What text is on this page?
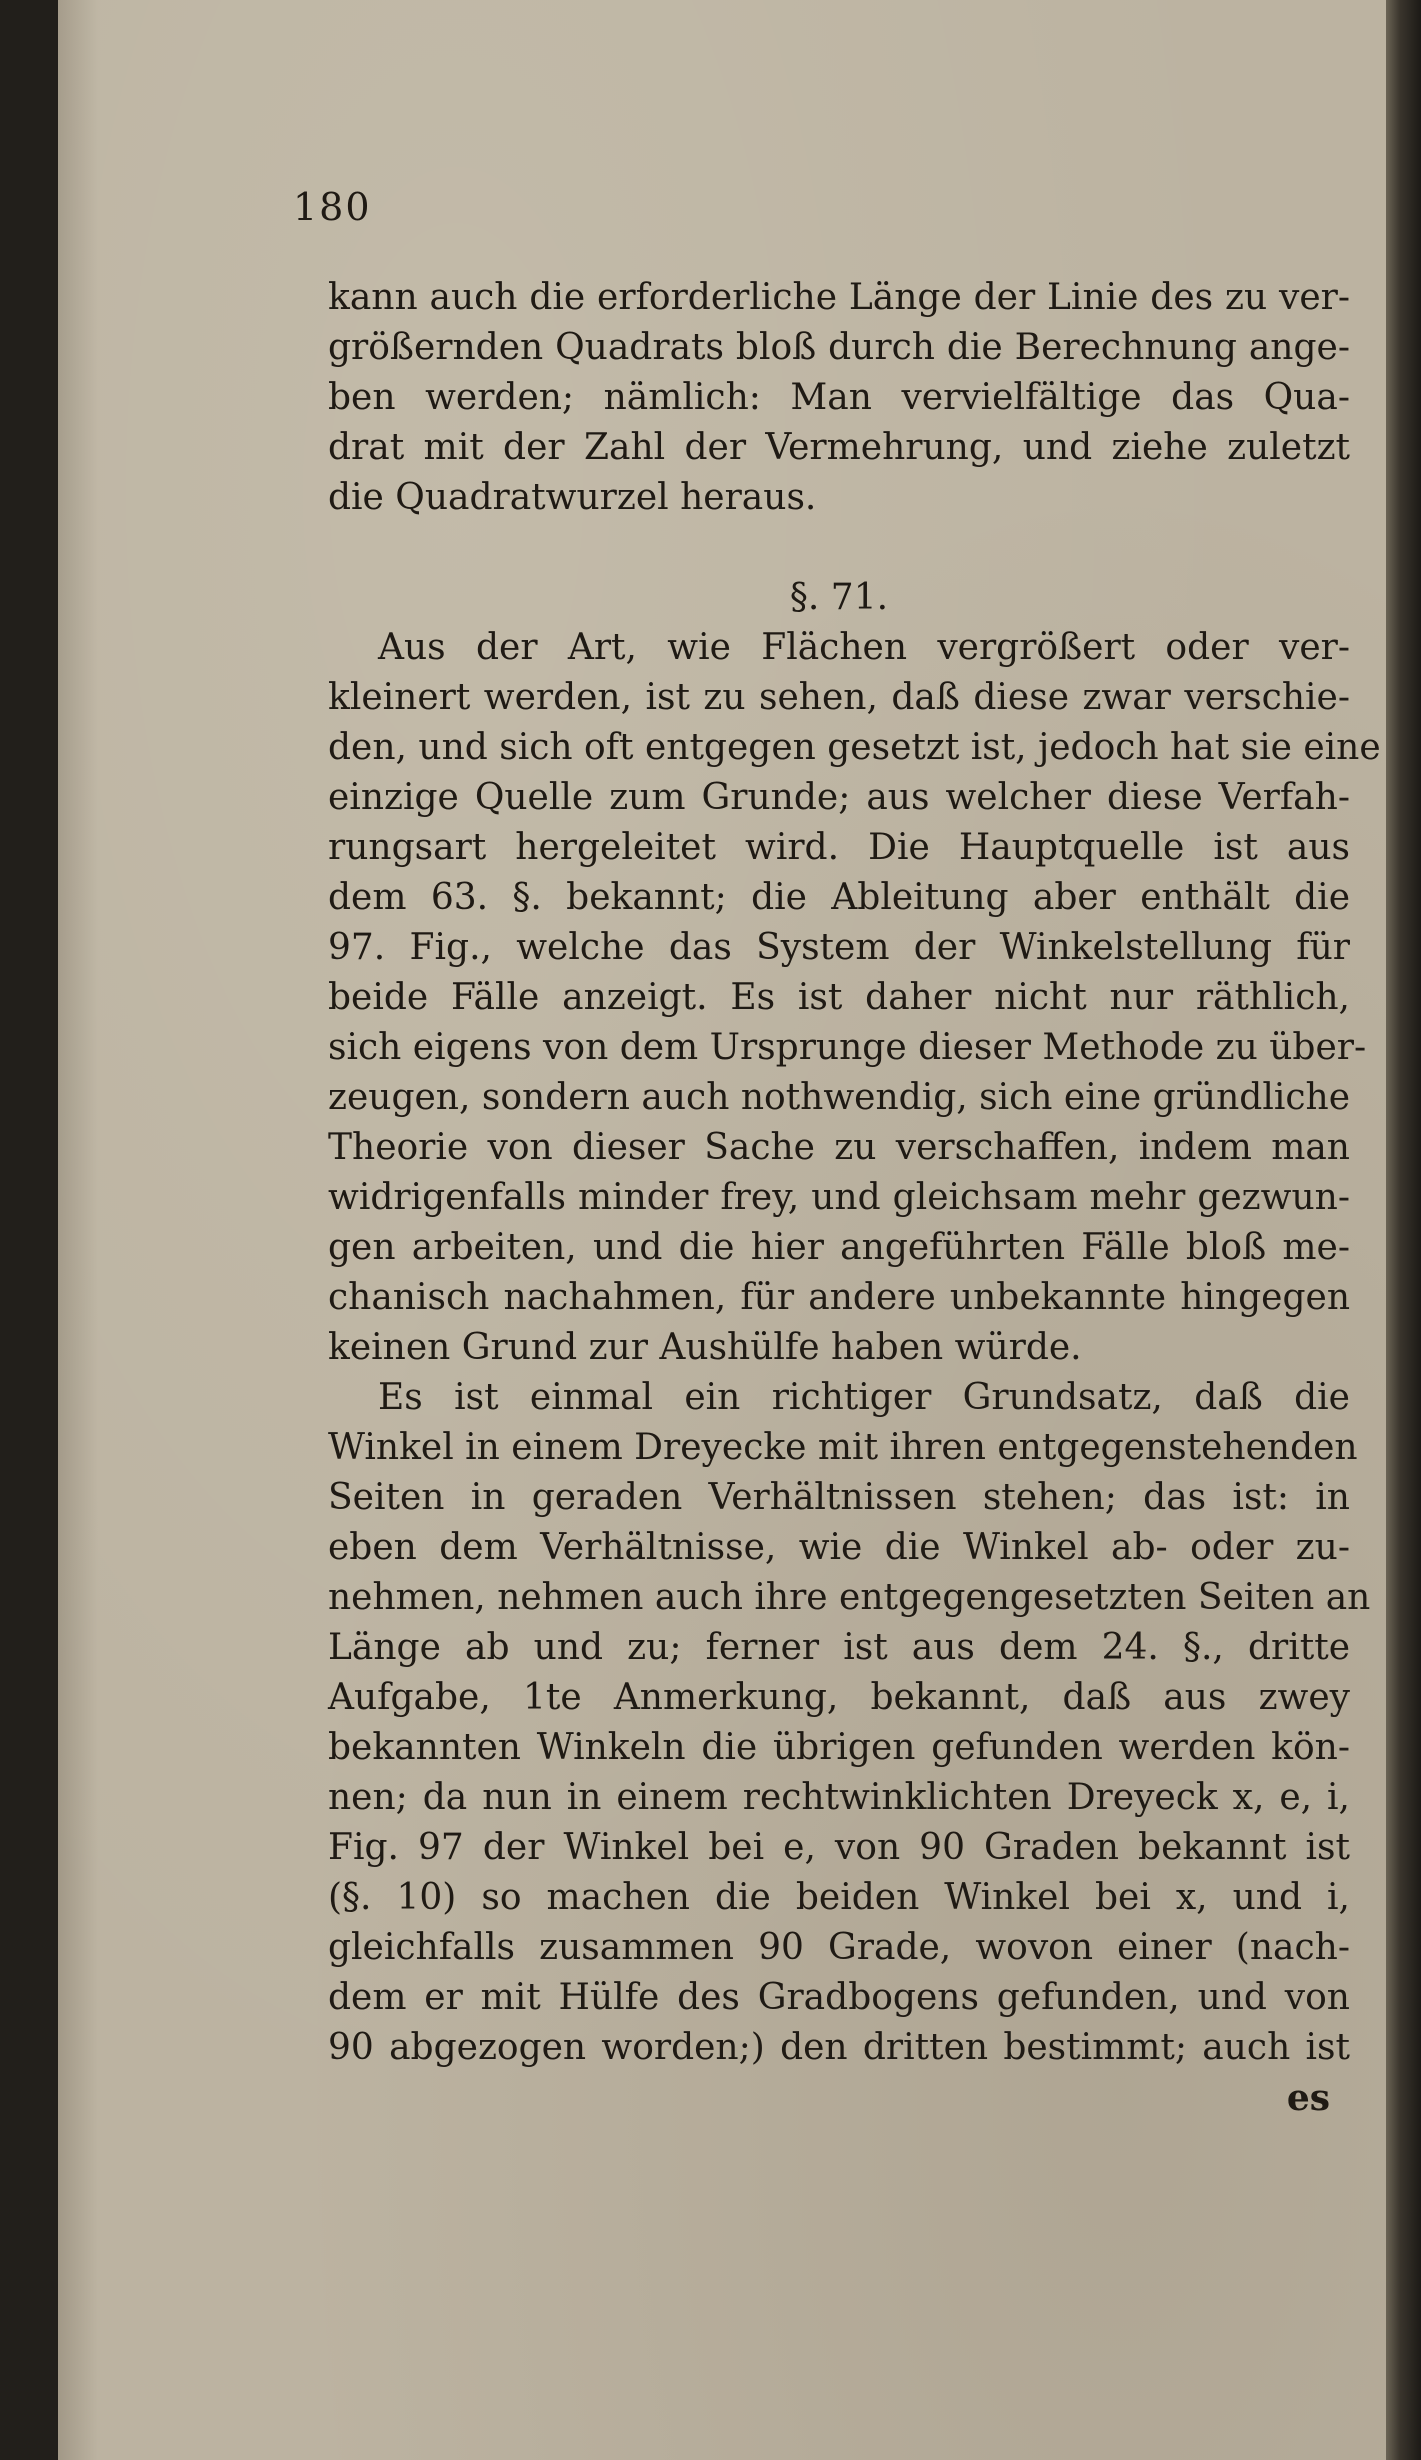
180
kann auch die erforderliche Länge der Linie des zu ver-
größernden Quadrats bloß durch die Berechnung ange-
ben werden; nämlich: Man vervielfältige das Qua-
drat mit der Zahl der Vermehrung, und ziehe zuletzt
die Quadratwurzel heraus.
§. 71.
Aus der Art, wie Flächen vergrößert oder ver-
kleinert werden, ist zu sehen, daß diese zwar verschie-
den, und sich oft entgegen gesetzt ist, jedoch hat sie eine
einzige Quelle zum Grunde; aus welcher diese Verfah-
rungsart hergeleitet wird. Die Hauptquelle ist aus
dem 63. §. bekannt; die Ableitung aber enthält die
97. Fig., welche das System der Winkelstellung für
beide Fälle anzeigt. Es ist daher nicht nur räthlich,
sich eigens von dem Ursprunge dieser Methode zu über-
zeugen, sondern auch nothwendig, sich eine gründliche
Theorie von dieser Sache zu verschaffen, indem man
widrigenfalls minder frey, und gleichsam mehr gezwun-
gen arbeiten, und die hier angeführten Fälle bloß me-
chanisch nachahmen, für andere unbekannte hingegen
keinen Grund zur Aushülfe haben würde.
Es ist einmal ein richtiger Grundsatz, daß die
Winkel in einem Dreyecke mit ihren entgegenstehenden
Seiten in geraden Verhältnissen stehen; das ist: in
eben dem Verhältnisse, wie die Winkel ab- oder zu-
nehmen, nehmen auch ihre entgegengesetzten Seiten an
Länge ab und zu; ferner ist aus dem 24. §., dritte
Aufgabe, 1te Anmerkung, bekannt, daß aus zwey
bekannten Winkeln die übrigen gefunden werden kön-
nen; da nun in einem rechtwinklichten Dreyeck x, e, i,
Fig. 97 der Winkel bei e, von 90 Graden bekannt ist
(§. 10) so machen die beiden Winkel bei x, und i,
gleichfalls zusammen 90 Grade, wovon einer (nach-
dem er mit Hülfe des Gradbogens gefunden, und von
90 abgezogen worden;) den dritten bestimmt; auch ist
es
